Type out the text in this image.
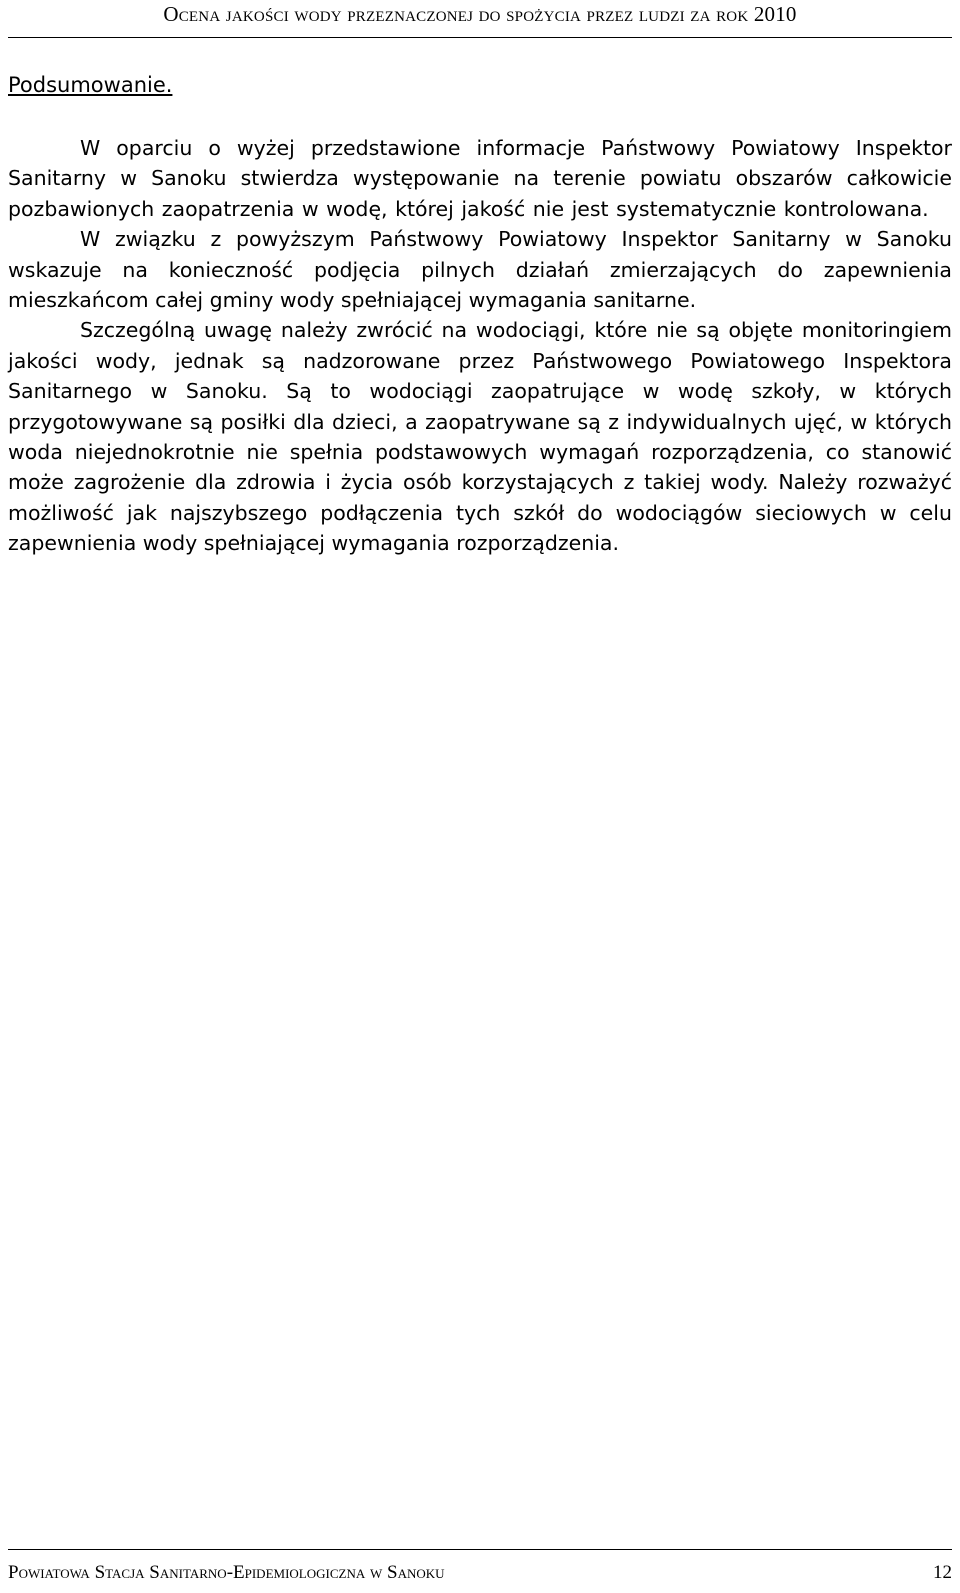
Ocena jakości wody przeznaczonej do spożycia przez ludzi za rok 2010

Podsumowanie.

W oparciu o wyżej przedstawione informacje Państwowy Powiatowy Inspektor Sanitarny w Sanoku stwierdza występowanie na terenie powiatu obszarów całkowicie pozbawionych zaopatrzenia w wodę, której jakość nie jest systematycznie kontrolowana.

W związku z powyższym Państwowy Powiatowy Inspektor Sanitarny w Sanoku wskazuje na konieczność podjęcia pilnych działań zmierzających do zapewnienia mieszkańcom całej gminy wody spełniającej wymagania sanitarne.

Szczególną uwagę należy zwrócić na wodociągi, które nie są objęte monitoringiem jakości wody, jednak są nadzorowane przez Państwowego Powiatowego Inspektora Sanitarnego w Sanoku. Są to wodociągi zaopatrujące w wodę szkoły, w których przygotowywane są posiłki dla dzieci, a zaopatrywane są z indywidualnych ujęć, w których woda niejednokrotnie nie spełnia podstawowych wymagań rozporządzenia, co stanowić może zagrożenie dla zdrowia i życia osób korzystających z takiej wody. Należy rozważyć możliwość jak najszybszego podłączenia tych szkół do wodociągów sieciowych w celu zapewnienia wody spełniającej wymagania rozporządzenia.

Powiatowa Stacja Sanitarno-Epidemiologiczna w Sanoku	12
